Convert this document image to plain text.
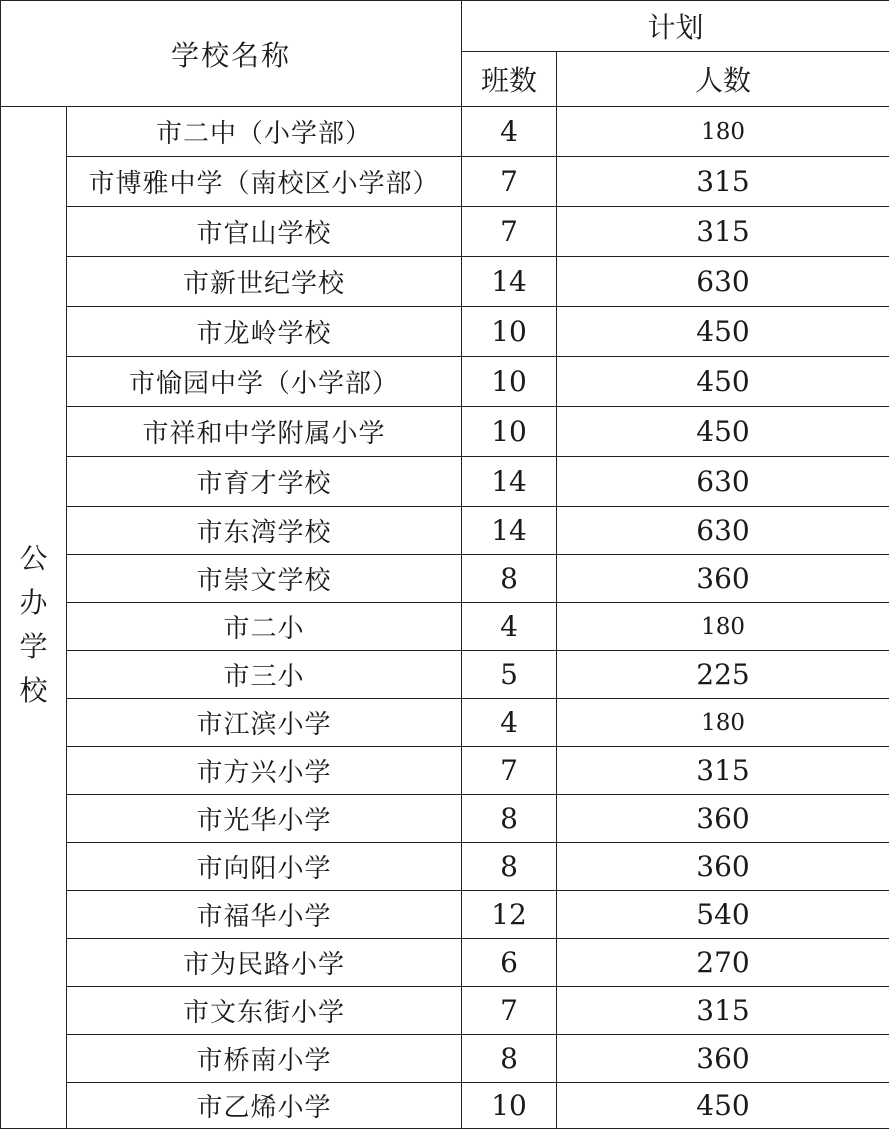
学校名称		计划	
		班数	人数
公办学校	市二中（小学部）	4	180
	市博雅中学（南校区小学部）	7	315
	市官山学校	7	315
	市新世纪学校	14	630
	市龙岭学校	10	450
	市愉园中学（小学部）	10	450
	市祥和中学附属小学	10	450
	市育才学校	14	630
	市东湾学校	14	630
	市崇文学校	8	360
	市二小	4	180
	市三小	5	225
	市江滨小学	4	180
	市方兴小学	7	315
	市光华小学	8	360
	市向阳小学	8	360
	市福华小学	12	540
	市为民路小学	6	270
	市文东街小学	7	315
	市桥南小学	8	360
	市乙烯小学	10	450
